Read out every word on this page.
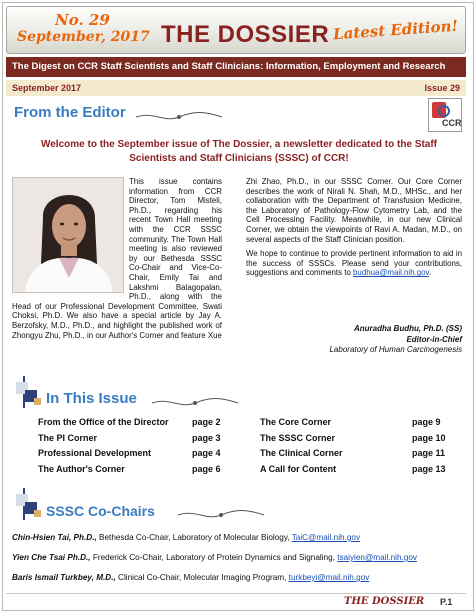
No. 29
September, 2017 THE DOSSIER Latest Edition!
The Digest on CCR Staff Scientists and Staff Clinicians: Information, Employment and Research
September 2017	Issue 29
From the Editor
CCR
Welcome to the September issue of The Dossier, a newsletter dedicated to the Staff Scientists and Staff Clinicians (SSSC) of CCR!
This issue contains information from CCR Director, Tom Misteli, Ph.D., regarding his recent Town Hall meeting with the CCR SSSC community. The Town Hall meeting is also reviewed by our Bethesda SSSC Co-Chair and Vice-Co-Chair, Emily Tai and Lakshmi Balagopalan, Ph.D., along with the Head of our Professional Development Committee, Swati Choksi, Ph.D. We also have a special article by Jay A. Berzofsky, M.D., Ph.D., and highlight the published work of Zhongyu Zhu, Ph.D., in our Author's Corner and feature Xue

Zhi Zhao, Ph.D., in our SSSC Corner. Our Core Corner describes the work of Nirali N. Shah, M.D., MHSc., and her collaboration with the Department of Transfusion Medicine, the Laboratory of Pathology-Flow Cytometry Lab, and the Cell Processing Facility. Meanwhile, in our new Clinical Corner, we obtain the viewpoints of Ravi A. Madan, M.D., on several aspects of the Staff Clinician position.

We hope to continue to provide pertinent information to aid in the success of SSSCs. Please send your contributions, suggestions and comments to budhua@mail.nih.gov.

Anuradha Budhu, Ph.D. (SS)
Editor-in-Chief
Laboratory of Human Carcinogenesis
In This Issue
From the Office of the Director	page 2
The PI Corner	page 3
Professional Development	page 4
The Author's Corner	page 6
The Core Corner	page 9
The SSSC Corner	page 10
The Clinical Corner	page 11
A Call for Content	page 13
SSSC Co-Chairs
Chin-Hsien Tai, Ph.D., Bethesda Co-Chair, Laboratory of Molecular Biology, TaiC@mail.nih.gov
Yien Che Tsai Ph.D., Frederick Co-Chair, Laboratory of Protein Dynamics and Signaling, tsaiyien@mail.nih.gov
Baris Ismail Turkbey, M.D., Clinical Co-Chair, Molecular Imaging Program, turkbeyi@mail.nih.gov
THE DOSSIER P.1
